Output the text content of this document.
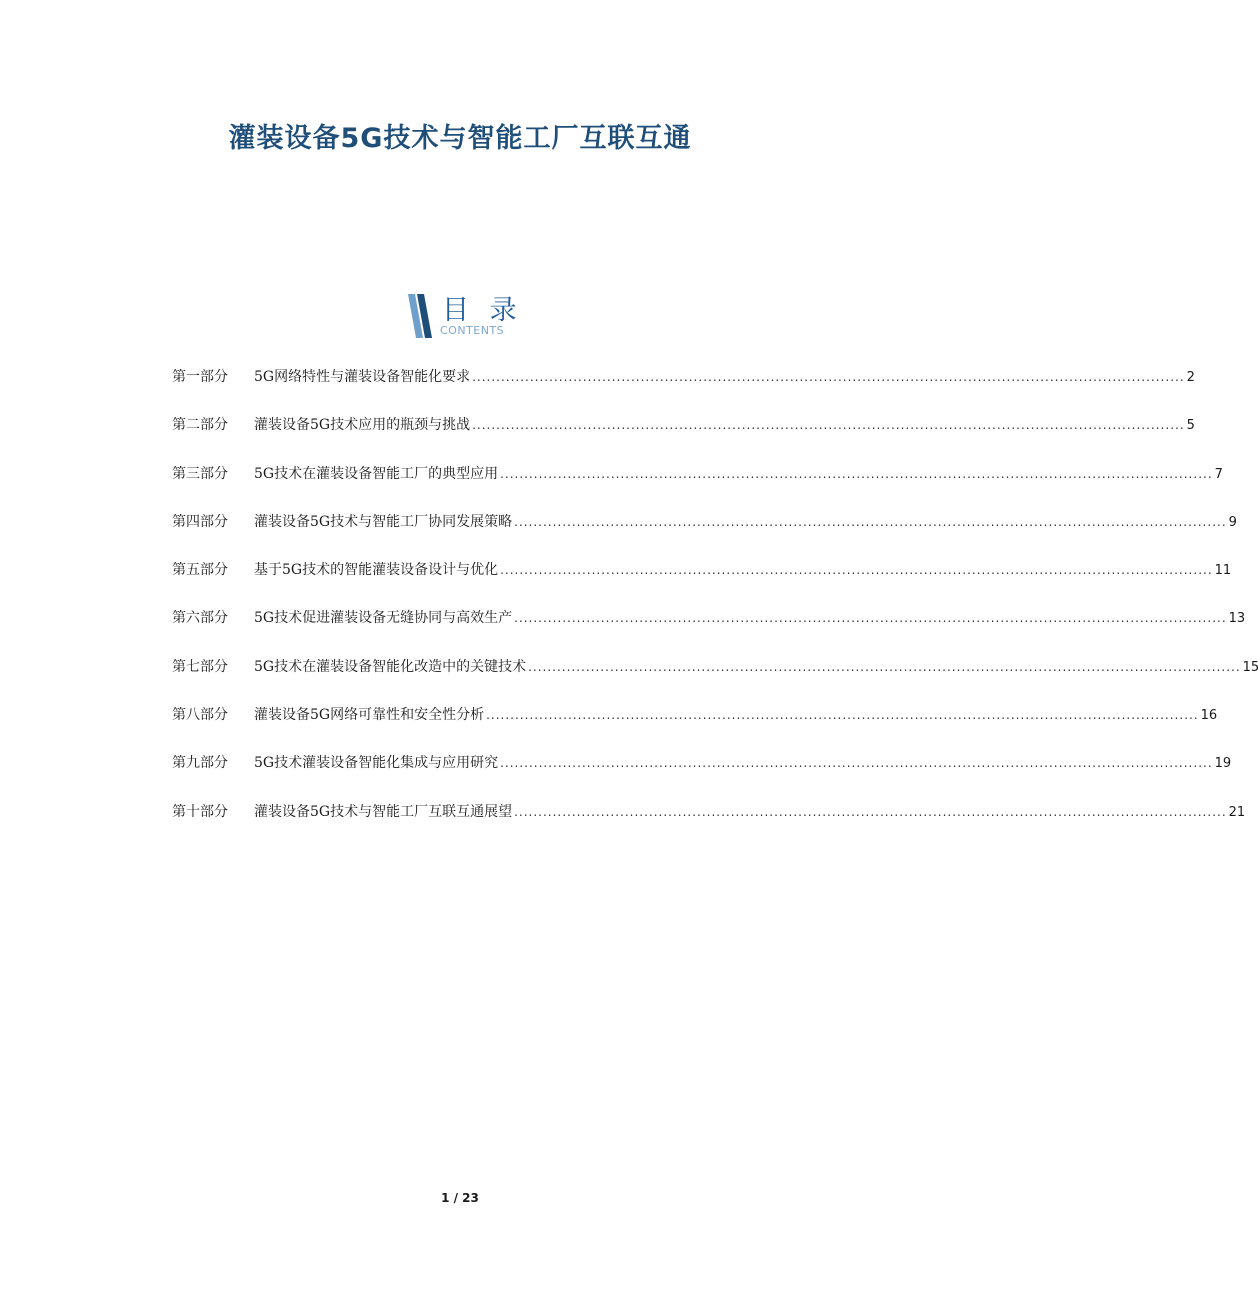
灌装设备5G技术与智能工厂互联互通
目 录
CONTENTS
第一部分	5G网络特性与灌装设备智能化要求 .................................................................................................................................................... 2
第二部分	灌装设备5G技术应用的瓶颈与挑战 .................................................................................................................................................... 5
第三部分	5G技术在灌装设备智能工厂的典型应用 .................................................................................................................................................... 7
第四部分	灌装设备5G技术与智能工厂协同发展策略 .................................................................................................................................................... 9
第五部分	基于5G技术的智能灌装设备设计与优化 .................................................................................................................................................... 11
第六部分	5G技术促进灌装设备无缝协同与高效生产 .................................................................................................................................................... 13
第七部分	5G技术在灌装设备智能化改造中的关键技术 .................................................................................................................................................... 15
第八部分	灌装设备5G网络可靠性和安全性分析 .................................................................................................................................................... 16
第九部分	5G技术灌装设备智能化集成与应用研究 .................................................................................................................................................... 19
第十部分	灌装设备5G技术与智能工厂互联互通展望 .................................................................................................................................................... 21
1 / 23
